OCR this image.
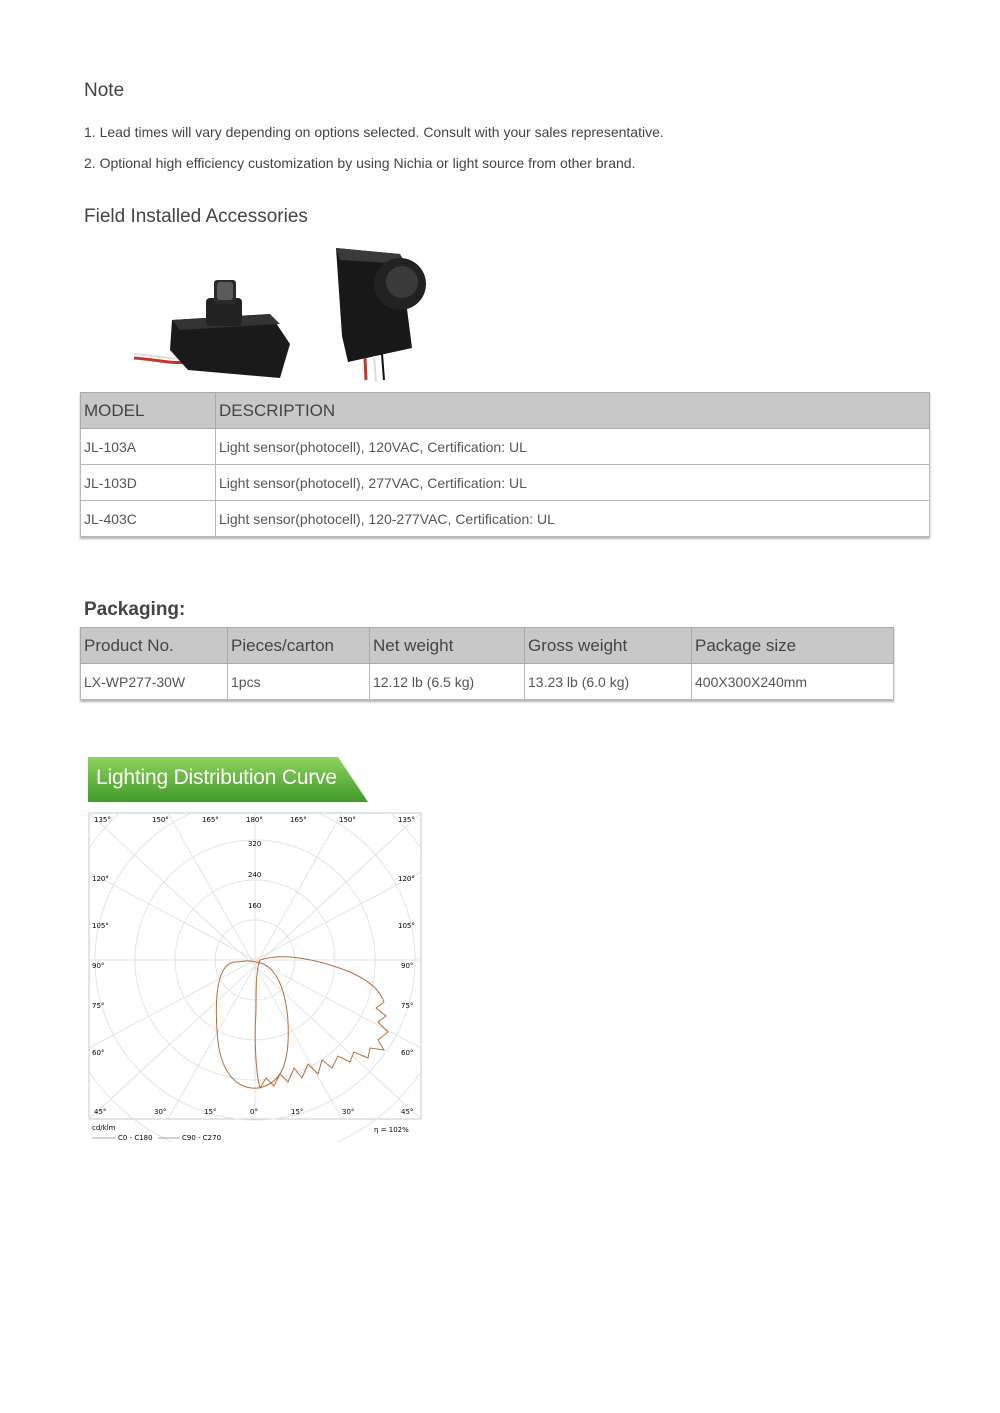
Note
1. Lead times will vary depending on options selected. Consult with your sales representative.
2. Optional high efficiency customization by using Nichia or light source from other brand.
Field Installed Accessories
MODEL	DESCRIPTION
JL-103A	Light sensor(photocell), 120VAC, Certification: UL
JL-103D	Light sensor(photocell), 277VAC, Certification: UL
JL-403C	Light sensor(photocell), 120-277VAC, Certification: UL
Packaging:
Product No.	Pieces/carton	Net weight	Gross weight	Package size
LX-WP277-30W	1pcs	12.12 lb (6.5 kg)	13.23 lb (6.0 kg)	400X300X240mm
Lighting Distribution Curve
135°	150°	165°	180°	165°	150°	135°
320
240
160
120°
105°
90°
75°
60°
120°
105°
90°
75°
60°
45°	30°	15°	0°	15°	30°	45°
cd/klm
C0 - C180	C90 - C270
η = 102%
